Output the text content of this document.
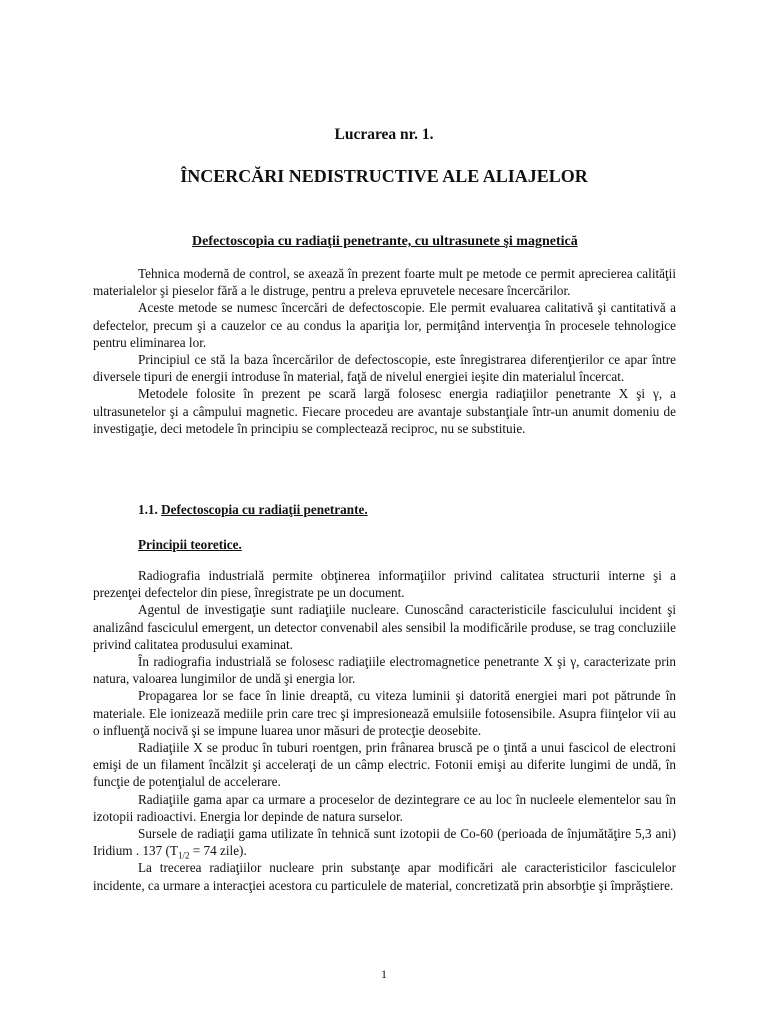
Lucrarea nr. 1.
ÎNCERCĂRI NEDISTRUCTIVE ALE ALIAJELOR
Defectoscopia cu radiaţii penetrante, cu ultrasunete şi magnetică

Tehnica modernă de control, se axează în prezent foarte mult pe metode ce permit aprecierea calităţii materialelor şi pieselor fără a le distruge, pentru a preleva epruvetele necesare încercărilor.

Aceste metode se numesc încercări de defectoscopie. Ele permit evaluarea calitativă şi cantitativă a defectelor, precum şi a cauzelor ce au condus la apariţia lor, permiţând intervenţia în procesele tehnologice pentru eliminarea lor.

Principiul ce stă la baza încercărilor de defectoscopie, este înregistrarea diferenţierilor ce apar între diversele tipuri de energii introduse în material, faţă de nivelul energiei ieşite din materialul încercat.

Metodele folosite în prezent pe scară largă folosesc energia radiaţiilor penetrante X şi γ, a ultrasunetelor şi a câmpului magnetic. Fiecare procedeu are avantaje substanţiale într-un anumit domeniu de investigaţie, deci metodele în principiu se complectează reciproc, nu se substituie.

1.1. Defectoscopia cu radiaţii penetrante.
Principii teoretice.

Radiografia industrială permite obţinerea informaţiilor privind calitatea structurii interne şi a prezenţei defectelor din piese, înregistrate pe un document.

Agentul de investigaţie sunt radiaţiile nucleare. Cunoscând caracteristicile fasciculului incident şi analizând fasciculul emergent, un detector convenabil ales sensibil la modificările produse, se trag concluziile privind calitatea produsului examinat.

În radiografia industrială se folosesc radiaţiile electromagnetice penetrante X şi γ, caracterizate prin natura, valoarea lungimilor de undă şi energia lor.

Propagarea lor se face în linie dreaptă, cu viteza luminii şi datorită energiei mari pot pătrunde în materiale. Ele ionizează mediile prin care trec şi impresionează emulsiile fotosensibile. Asupra fiinţelor vii au o influenţă nocivă şi se impune luarea unor măsuri de protecţie deosebite.

Radiaţiile X se produc în tuburi roentgen, prin frânarea bruscă pe o ţintă a unui fascicol de electroni emişi de un filament încălzit şi acceleraţi de un câmp electric. Fotonii emişi au diferite lungimi de undă, în funcţie de potenţialul de accelerare.

Radiaţiile gama apar ca urmare a proceselor de dezintegrare ce au loc în nucleele elementelor sau în izotopii radioactivi. Energia lor depinde de natura surselor.

Sursele de radiaţii gama utilizate în tehnică sunt izotopii de Co-60 (perioada de înjumătăţire 5,3 ani) Iridium . 137 ($T_{1/2} = 74$ zile).

La trecerea radiaţiilor nucleare prin substanţe apar modificări ale caracteristicilor fasciculelor incidente, ca urmare a interacţiei acestora cu particulele de material, concretizată prin absorbţie şi împrăştiere.

1
